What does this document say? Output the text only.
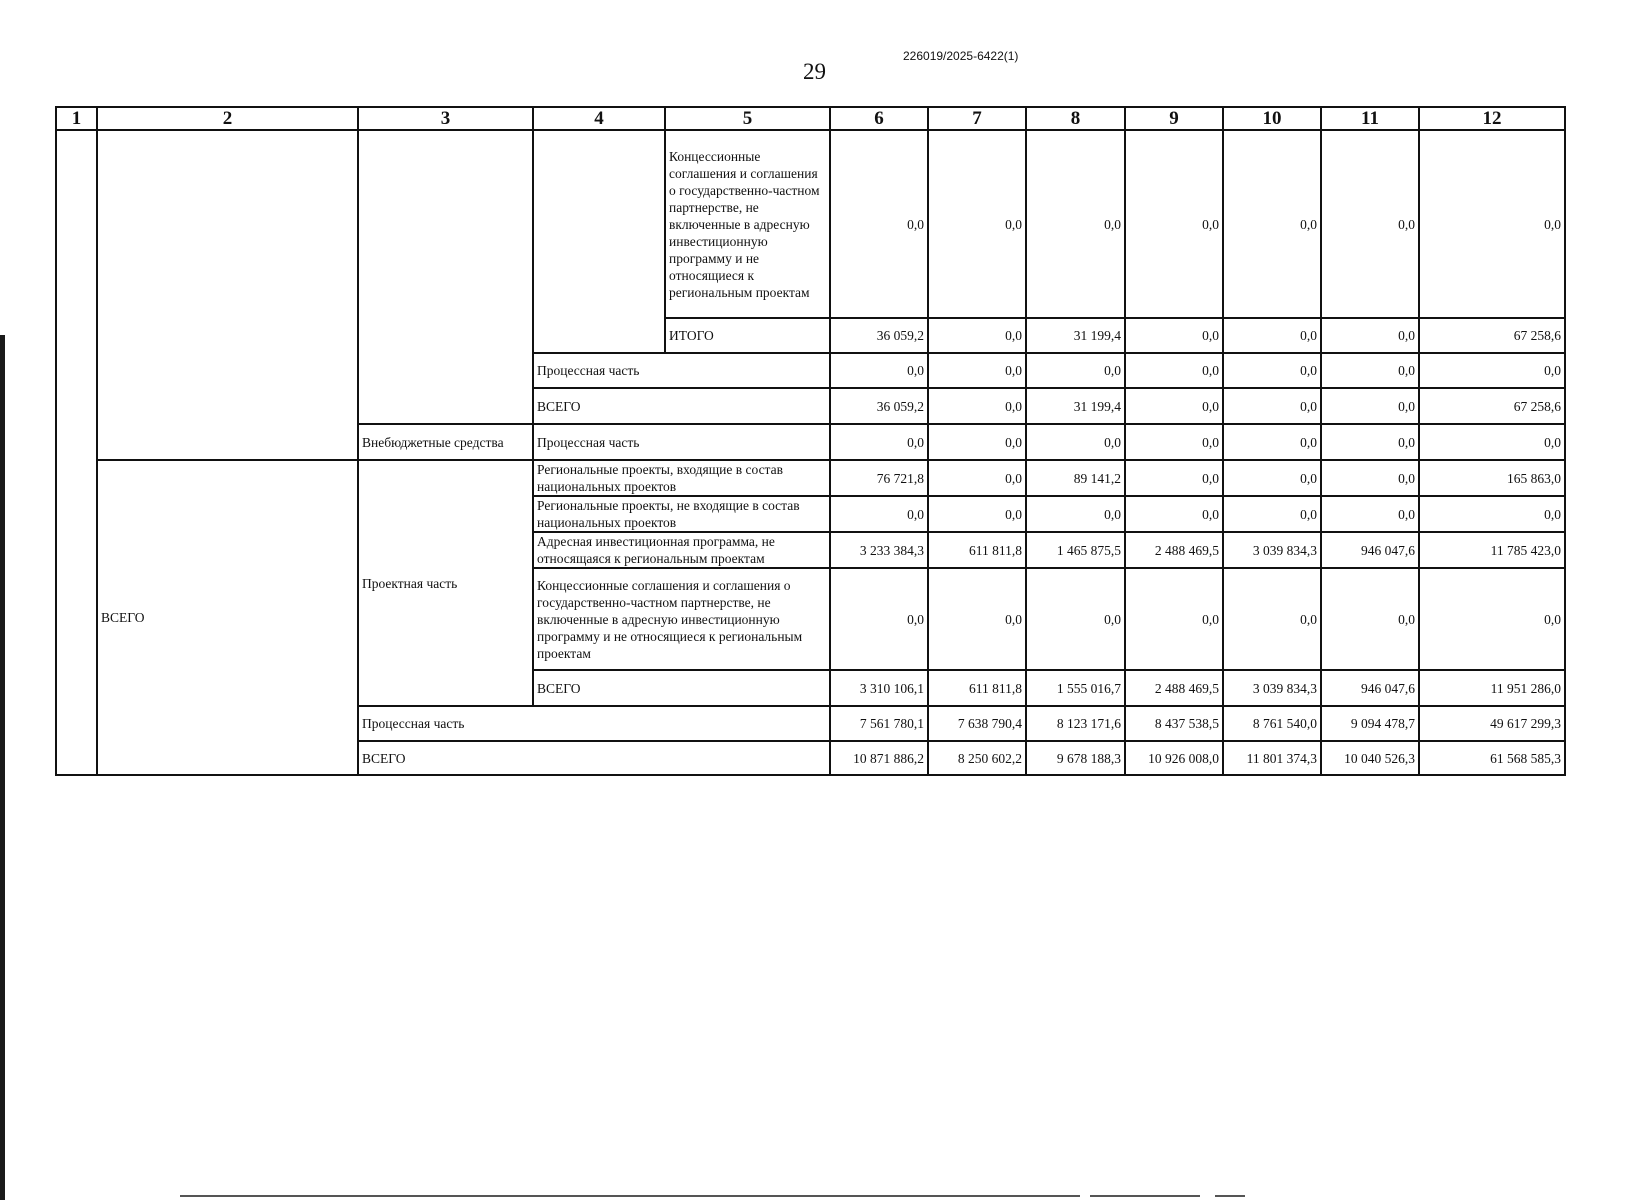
29
226019/2025-6422(1)
1	2	3	4	5	6	7	8	9	10	11	12
				Концессионные соглашения и соглашения о государственно-частном партнерстве, не включенные в адресную инвестиционную программу и не относящиеся к региональным проектам	0,0	0,0	0,0	0,0	0,0	0,0	0,0
				ИТОГО	36 059,2	0,0	31 199,4	0,0	0,0	0,0	67 258,6
			Процессная часть		0,0	0,0	0,0	0,0	0,0	0,0	0,0
			ВСЕГО		36 059,2	0,0	31 199,4	0,0	0,0	0,0	67 258,6
		Внебюджетные средства	Процессная часть		0,0	0,0	0,0	0,0	0,0	0,0	0,0
	ВСЕГО	Проектная часть	Региональные проекты, входящие в состав национальных проектов		76 721,8	0,0	89 141,2	0,0	0,0	0,0	165 863,0
			Региональные проекты, не входящие в состав национальных проектов		0,0	0,0	0,0	0,0	0,0	0,0	0,0
			Адресная инвестиционная программа, не относящаяся к региональным проектам		3 233 384,3	611 811,8	1 465 875,5	2 488 469,5	3 039 834,3	946 047,6	11 785 423,0
			Концессионные соглашения и соглашения о государственно-частном партнерстве, не включенные в адресную инвестиционную программу и не относящиеся к региональным проектам		0,0	0,0	0,0	0,0	0,0	0,0	0,0
			ВСЕГО		3 310 106,1	611 811,8	1 555 016,7	2 488 469,5	3 039 834,3	946 047,6	11 951 286,0
		Процессная часть			7 561 780,1	7 638 790,4	8 123 171,6	8 437 538,5	8 761 540,0	9 094 478,7	49 617 299,3
		ВСЕГО			10 871 886,2	8 250 602,2	9 678 188,3	10 926 008,0	11 801 374,3	10 040 526,3	61 568 585,3
